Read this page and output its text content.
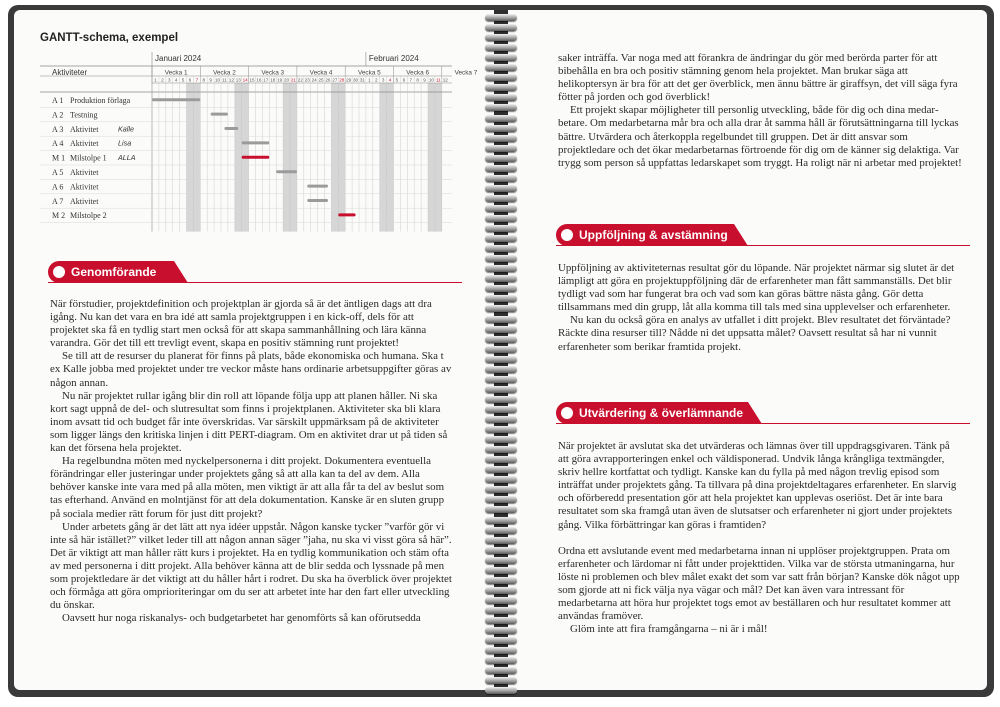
GANTT-schema, exempel
Januari 2024	Februari 2024
Aktiviteter	Vecka 1	Vecka 2	Vecka 3	Vecka 4	Vecka 5	Vecka 6	Vecka 7
1 2 3 4 5 6 7 8 9 10 11 12 13 14 15 16 17 18 19 20 21 22 23 24 25 26 27 28 29 30 31 1 2 3 4 5 6 7 8 9 10 11 12
A 1 Produktion förlaga
A 2 Testning
A 3 Aktivitet	Kalle
A 4 Aktivitet	Lisa
M 1 Milstolpe 1 ALLA
A 5 Aktivitet
A 6 Aktivitet
A 7 Aktivitet
M 2 Milstolpe 2
Genomförande

När förstudier, projektdefinition och projektplan är gjorda så är det äntligen dags att dra igång. Nu kan det vara en bra idé att samla projektgruppen i en kick-off, dels för att projektet ska få en tydlig start men också för att skapa sammanhållning och lära känna varandra. Gör det till ett trevligt event, skapa en positiv stämning runt projektet!

Se till att de resurser du planerat för finns på plats, både ekonomiska och humana. Ska t ex Kalle jobba med projektet under tre veckor måste hans ordinarie arbetsuppgifter göras av någon annan.

Nu när projektet rullar igång blir din roll att löpande följa upp att planen håller. Ni ska kort sagt uppnå de del- och slutresultat som finns i projektplanen. Aktiviteter ska bli klara inom avsatt tid och budget får inte överskridas. Var särskilt uppmärksam på de aktiviteter som ligger längs den kritiska linjen i ditt PERT-diagram. Om en aktivitet drar ut på tiden så kan det försena hela projektet.

Ha regelbundna möten med nyckelpersonerna i ditt projekt. Dokumentera eventuella förändringar eller justeringar under projektets gång så att alla kan ta del av dem. Alla behöver kanske inte vara med på alla möten, men viktigt är att alla får ta del av beslut som tas efterhand. Använd en molntjänst för att dela dokumentation. Kanske är en sluten grupp på sociala medier rätt forum för just ditt projekt?

Under arbetets gång är det lätt att nya idéer uppstår. Någon kanske tycker ”varför gör vi inte så här istället?” vilket leder till att någon annan säger ”jaha, nu ska vi visst göra så här”. Det är viktigt att man håller rätt kurs i projektet. Ha en tydlig kommunikation och stäm ofta av med personerna i ditt projekt. Alla behöver känna att de blir sedda och lyssnade på men som projektledare är det viktigt att du håller hårt i rodret. Du ska ha överblick över projektet och förmåga att göra omprioriteringar om du ser att arbetet inte har den fart eller utveckling du önskar.

Oavsett hur noga riskanalys- och budgetarbetet har genomförts så kan oförutsedda

saker inträffa. Var noga med att förankra de ändringar du gör med berörda parter för att bibehålla en bra och positiv stämning genom hela projektet. Man brukar säga att helikoptersyn är bra för att det ger överblick, men ännu bättre är giraffsyn, det vill säga fyra fötter på jorden och god överblick!

Ett projekt skapar möjligheter till personlig utveckling, både för dig och dina medarbetare. Om medarbetarna mår bra och alla drar åt samma håll är förutsättningarna till lyckas bättre. Utvärdera och återkoppla regelbundet till gruppen. Det är ditt ansvar som projektledare och det ökar medarbetarnas förtroende för dig om de känner sig delaktiga. Var trygg som person så uppfattas ledarskapet som tryggt. Ha roligt när ni arbetar med projektet!

Uppföljning & avstämning

Uppföljning av aktiviteternas resultat gör du löpande. När projektet närmar sig slutet är det lämpligt att göra en projektuppföljning där de erfarenheter man fått sammanställs. Det blir tydligt vad som har fungerat bra och vad som kan göras bättre nästa gång. Gör detta tillsammans med din grupp, låt alla komma till tals med sina upplevelser och erfarenheter.

Nu kan du också göra en analys av utfallet i ditt projekt. Blev resultatet det förväntade? Räckte dina resurser till? Nådde ni det uppsatta målet? Oavsett resultat så har ni vunnit erfarenheter som berikar framtida projekt.

Utvärdering & överlämnande

När projektet är avslutat ska det utvärderas och lämnas över till uppdragsgivaren. Tänk på att göra avrapporteringen enkel och väldisponerad. Undvik långa krångliga textmängder, skriv hellre kortfattat och tydligt. Kanske kan du fylla på med någon trevlig episod som inträffat under projektets gång. Ta tillvara på dina projektdeltagares erfarenheter. En slarvig och oförberedd presentation gör att hela projektet kan upplevas oseriöst. Det är inte bara resultatet som ska framgå utan även de slutsatser och erfarenheter ni gjort under projektets gång. Vilka förbättringar kan göras i framtiden?

Ordna ett avslutande event med medarbetarna innan ni upplöser projektgruppen. Prata om erfarenheter och lärdomar ni fått under projekttiden. Vilka var de största utmaningarna, hur löste ni problemen och blev målet exakt det som var satt från början? Kanske dök något upp som gjorde att ni fick välja nya vägar och mål? Det kan även vara intressant för medarbetarna att höra hur projektet togs emot av beställaren och hur resultatet kommer att användas framöver.

Glöm inte att fira framgångarna – ni är i mål!
